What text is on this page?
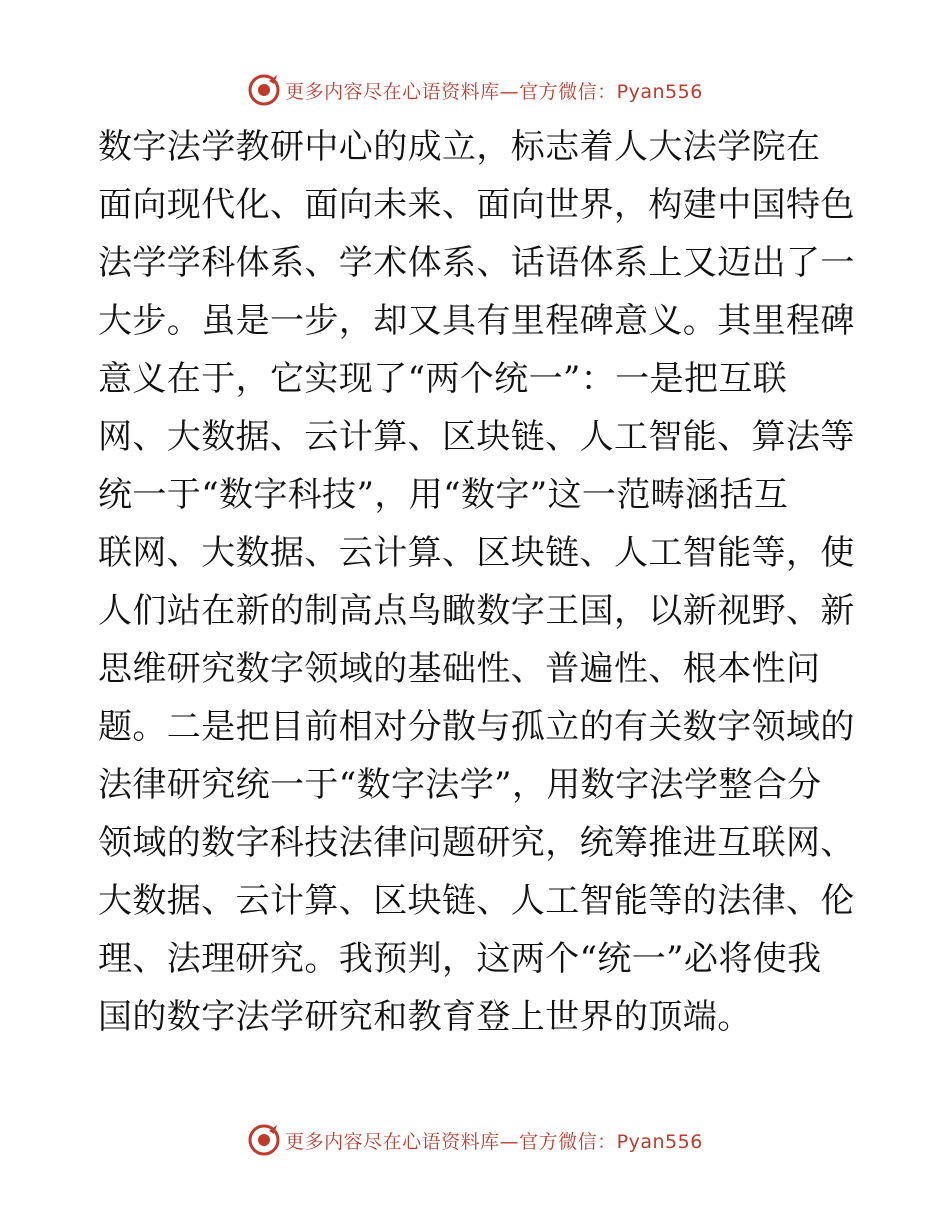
更多内容尽在心语资料库—官方微信：Pyan556
数字法学教研中心的成立，标志着人大法学院在
面向现代化、面向未来、面向世界，构建中国特色
法学学科体系、学术体系、话语体系上又迈出了一
大步。虽是一步，却又具有里程碑意义。其里程碑
意义在于，它实现了“两个统一”：一是把互联
网、大数据、云计算、区块链、人工智能、算法等
统一于“数字科技”，用“数字”这一范畴涵括互
联网、大数据、云计算、区块链、人工智能等，使
人们站在新的制高点鸟瞰数字王国，以新视野、新
思维研究数字领域的基础性、普遍性、根本性问
题。二是把目前相对分散与孤立的有关数字领域的
法律研究统一于“数字法学”，用数字法学整合分
领域的数字科技法律问题研究，统筹推进互联网、
大数据、云计算、区块链、人工智能等的法律、伦
理、法理研究。我预判，这两个“统一”必将使我
国的数字法学研究和教育登上世界的顶端。
更多内容尽在心语资料库—官方微信：Pyan556
